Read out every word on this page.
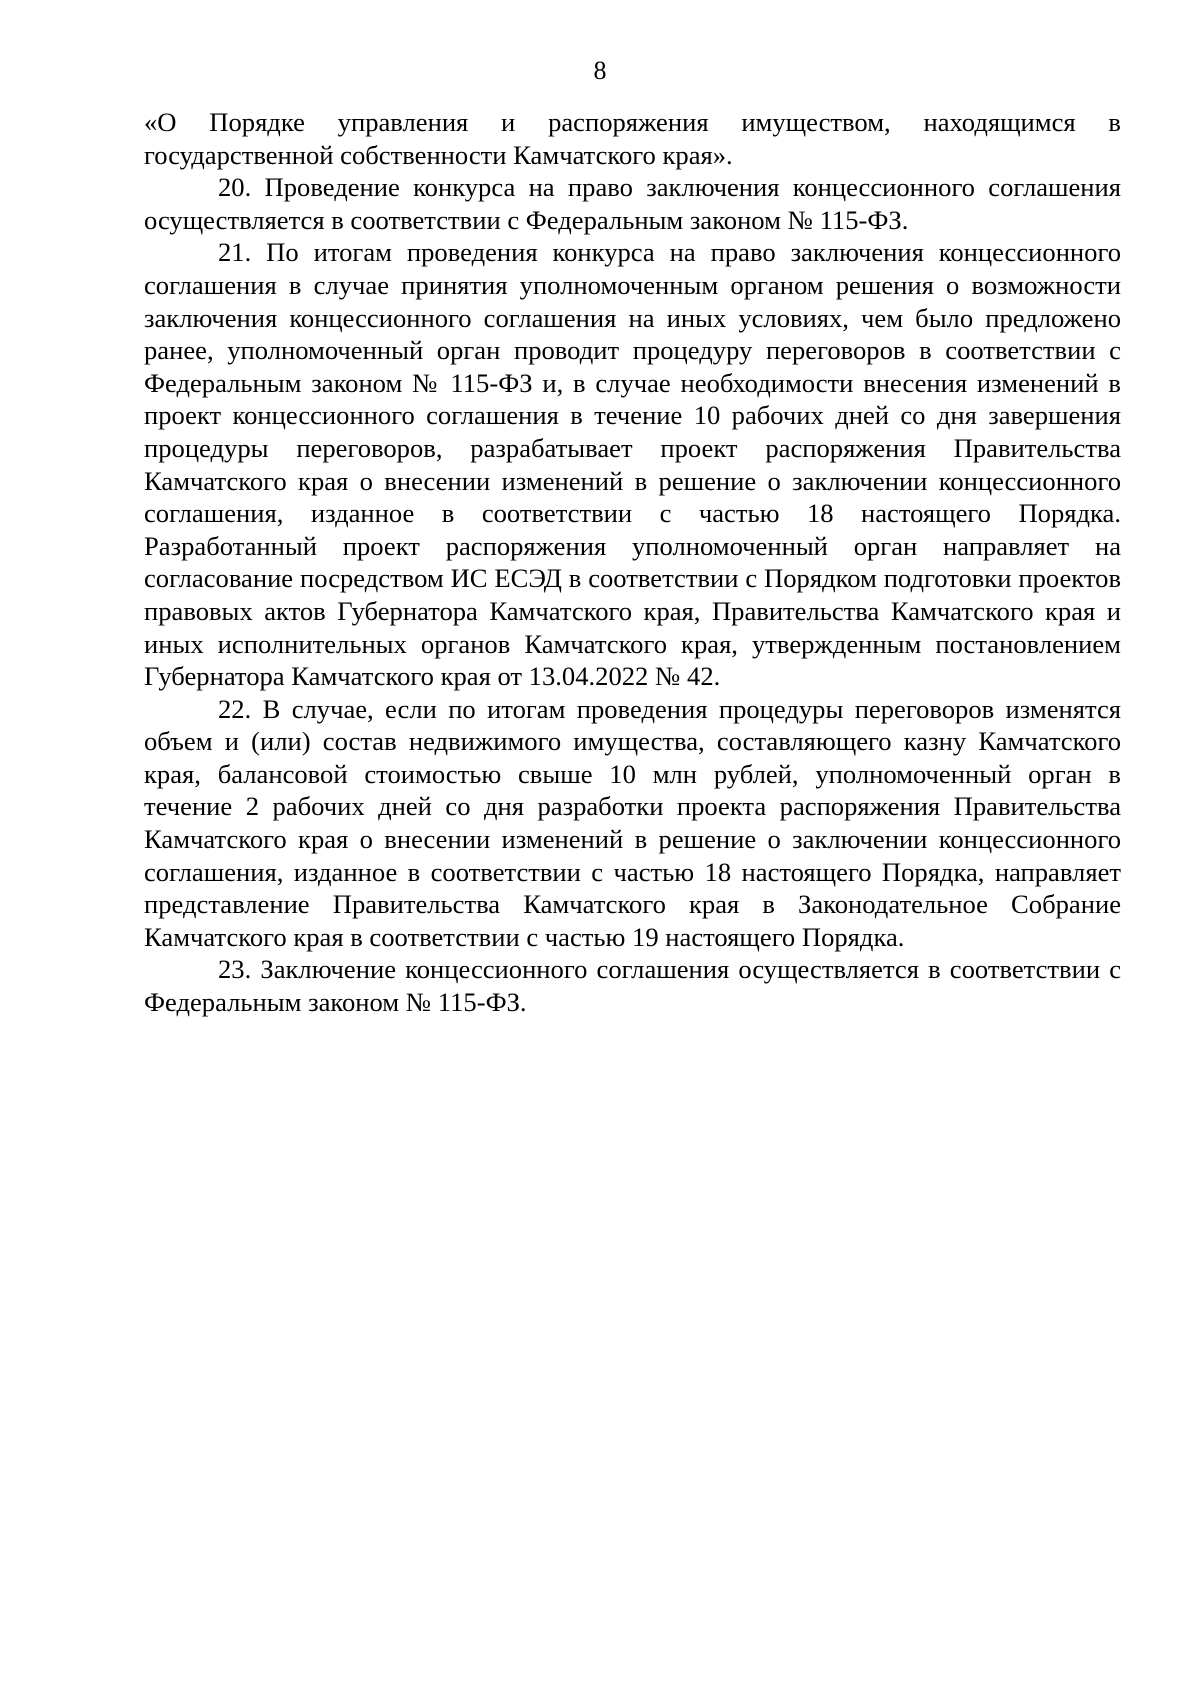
8

«О Порядке управления и распоряжения имуществом, находящимся в государственной собственности Камчатского края».

20. Проведение конкурса на право заключения концессионного соглашения осуществляется в соответствии с Федеральным законом № 115-ФЗ.

21. По итогам проведения конкурса на право заключения концессионного соглашения в случае принятия уполномоченным органом решения о возможности заключения концессионного соглашения на иных условиях, чем было предложено ранее, уполномоченный орган проводит процедуру переговоров в соответствии с Федеральным законом № 115-ФЗ и, в случае необходимости внесения изменений в проект концессионного соглашения в течение 10 рабочих дней со дня завершения процедуры переговоров, разрабатывает проект распоряжения Правительства Камчатского края о внесении изменений в решение о заключении концессионного соглашения, изданное в соответствии с частью 18 настоящего Порядка. Разработанный проект распоряжения уполномоченный орган направляет на согласование посредством ИС ЕСЭД в соответствии с Порядком подготовки проектов правовых актов Губернатора Камчатского края, Правительства Камчатского края и иных исполнительных органов Камчатского края, утвержденным постановлением Губернатора Камчатского края от 13.04.2022 № 42.

22. В случае, если по итогам проведения процедуры переговоров изменятся объем и (или) состав недвижимого имущества, составляющего казну Камчатского края, балансовой стоимостью свыше 10 млн рублей, уполномоченный орган в течение 2 рабочих дней со дня разработки проекта распоряжения Правительства Камчатского края о внесении изменений в решение о заключении концессионного соглашения, изданное в соответствии с частью 18 настоящего Порядка, направляет представление Правительства Камчатского края в Законодательное Собрание Камчатского края в соответствии с частью 19 настоящего Порядка.

23. Заключение концессионного соглашения осуществляется в соответствии с Федеральным законом № 115-ФЗ.
